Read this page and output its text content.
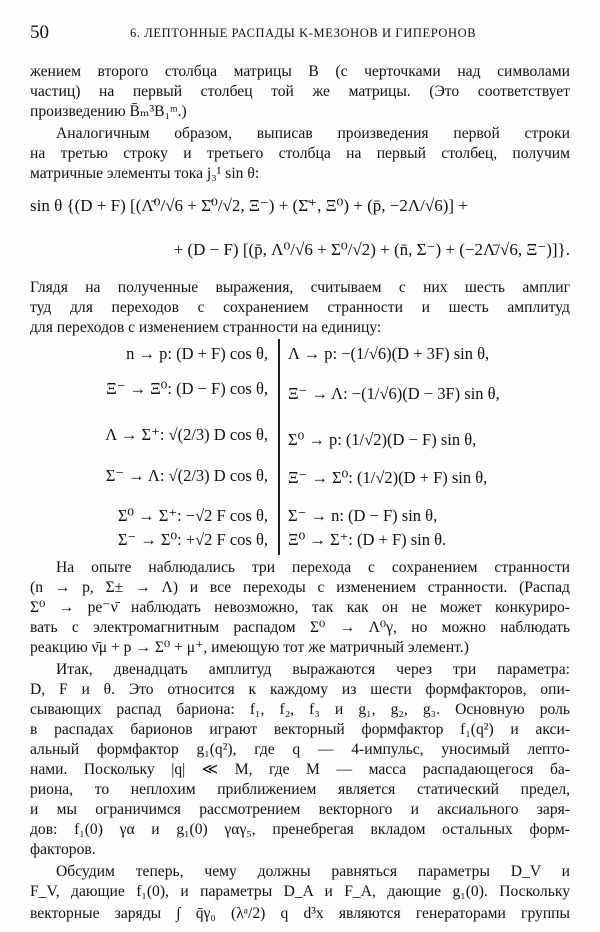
50	6. ЛЕПТОННЫЕ РАСПАДЫ K-МЕЗОНОВ И ГИПЕРОНОВ

жением второго столбца матрицы B (с черточками над символами

частиц) на первый столбец той же матрицы. (Это соответствует

произведению B̄ₘ³B₁ᵐ.)

Аналогичным образом, выписав произведения первой строки

на третью строку и третьего столбца на первый столбец, получим

матричные элементы тока j₃¹ sin θ:

sin θ {(D + F) [(Λ̄⁰/√6 + Σ̄⁰/√2, Ξ⁻) + (Σ̄⁺, Ξ⁰) + (p̄, −2Λ/√6)] +
+ (D − F) [(p̄, Λ⁰/√6 + Σ⁰/√2) + (n̄, Σ⁻) + (−2Λ̄/√6, Ξ⁻)]}.

Глядя на полученные выражения, считываем с них шесть амплиг

туд для переходов с сохранением странности и шесть амплитуд

для переходов с изменением странности на единицу:

n → p: (D + F) cos θ,
Ξ⁻ → Ξ⁰: (D − F) cos θ,
Λ → Σ⁺: √(2/3) D cos θ,
Σ⁻ → Λ: √(2/3) D cos θ,
Σ⁰ → Σ⁺: −√2 F cos θ,
Σ⁻ → Σ⁰: +√2 F cos θ,
Λ → p: −(1/√6)(D + 3F) sin θ,
Ξ⁻ → Λ: −(1/√6)(D − 3F) sin θ,
Σ⁰ → p: (1/√2)(D − F) sin θ,
Ξ⁻ → Σ⁰: (1/√2)(D + F) sin θ,
Σ⁻ → n: (D − F) sin θ,
Ξ⁰ → Σ⁺: (D + F) sin θ.

На опыте наблюдались три перехода с сохранением странности

(n → p, Σ± → Λ) и все переходы с изменением странности. (Распад

Σ⁰ → pe⁻ν̄ наблюдать невозможно, так как он не может конкуриро-

вать с электромагнитным распадом Σ⁰ → Λ⁰γ, но можно наблюдать

реакцию ν̄μ + p → Σ⁰ + μ⁺, имеющую тот же матричный элемент.)

Итак, двенадцать амплитуд выражаются через три параметра:

D, F и θ. Это относится к каждому из шести формфакторов, опи-

сывающих распад бариона: f₁, f₂, f₃ и g₁, g₂, g₃. Основную роль

в распадах барионов играют векторный формфактор f₁(q²) и акси-

альный формфактор g₁(q²), где q — 4-импульс, уносимый лепто-

нами. Поскольку |q| ≪ M, где M — масса распадающегося ба-

риона, то неплохим приближением является статический предел,

и мы ограничимся рассмотрением векторного и аксиального заря-

дов: f₁(0) γα и g₁(0) γαγ₅, пренебрегая вкладом остальных форм-

факторов.

Обсудим теперь, чему должны равняться параметры D_V и

F_V, дающие f₁(0), и параметры D_A и F_A, дающие g₁(0). Поскольку

векторные заряды ∫ q̄γ₀ (λᵃ/2) q d³x являются генераторами группы
